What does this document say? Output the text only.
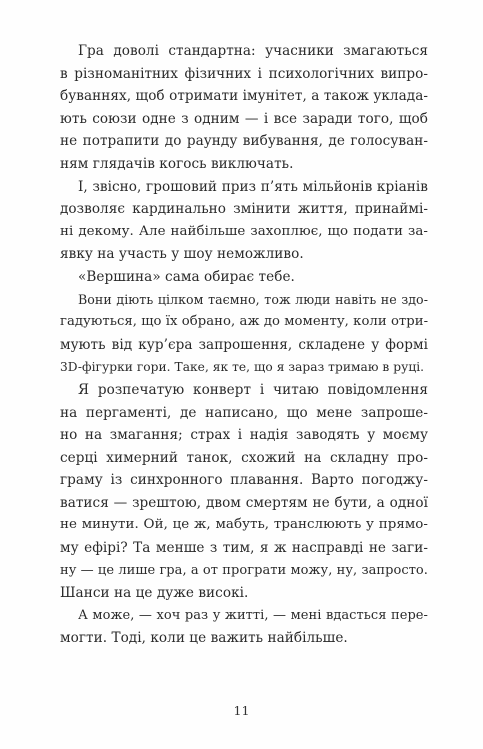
Гра доволі стандартна: учасники змагаються
в різноманітних фізичних і психологічних випро-
буваннях, щоб отримати імунітет, а також уклада-
ють союзи одне з одним — і все заради того, щоб
не потрапити до раунду вибування, де голосуван-
ням глядачів когось виключать.
І, звісно, грошовий приз п’ять мільйонів кріанів
дозволяє кардинально змінити життя, принаймі-
ні декому. Але найбільше захоплює, що подати за-
явку на участь у шоу неможливо.
«Вершина» сама обирає тебе.
Вони діють цілком таємно, тож люди навіть не здо-
гадуються, що їх обрано, аж до моменту, коли отри-
мують від кур’єра запрошення, складене у формі
3D-фігурки гори. Таке, як те, що я зараз тримаю в руці.
Я розпечатую конверт і читаю повідомлення
на пергаменті, де написано, що мене запроше-
но на змагання; страх і надія заводять у моєму
серці химерний танок, схожий на складну про-
граму із синхронного плавання. Варто погоджу-
ватися — зрештою, двом смертям не бути, а одної
не минути. Ой, це ж, мабуть, транслюють у прямо-
му ефірі? Та менше з тим, я ж насправді не заги-
ну — це лише гра, а от програти можу, ну, запросто.
Шанси на це дуже високі.
А може, — хоч раз у житті, — мені вдасться пере-
могти. Тоді, коли це важить найбільше.
11
